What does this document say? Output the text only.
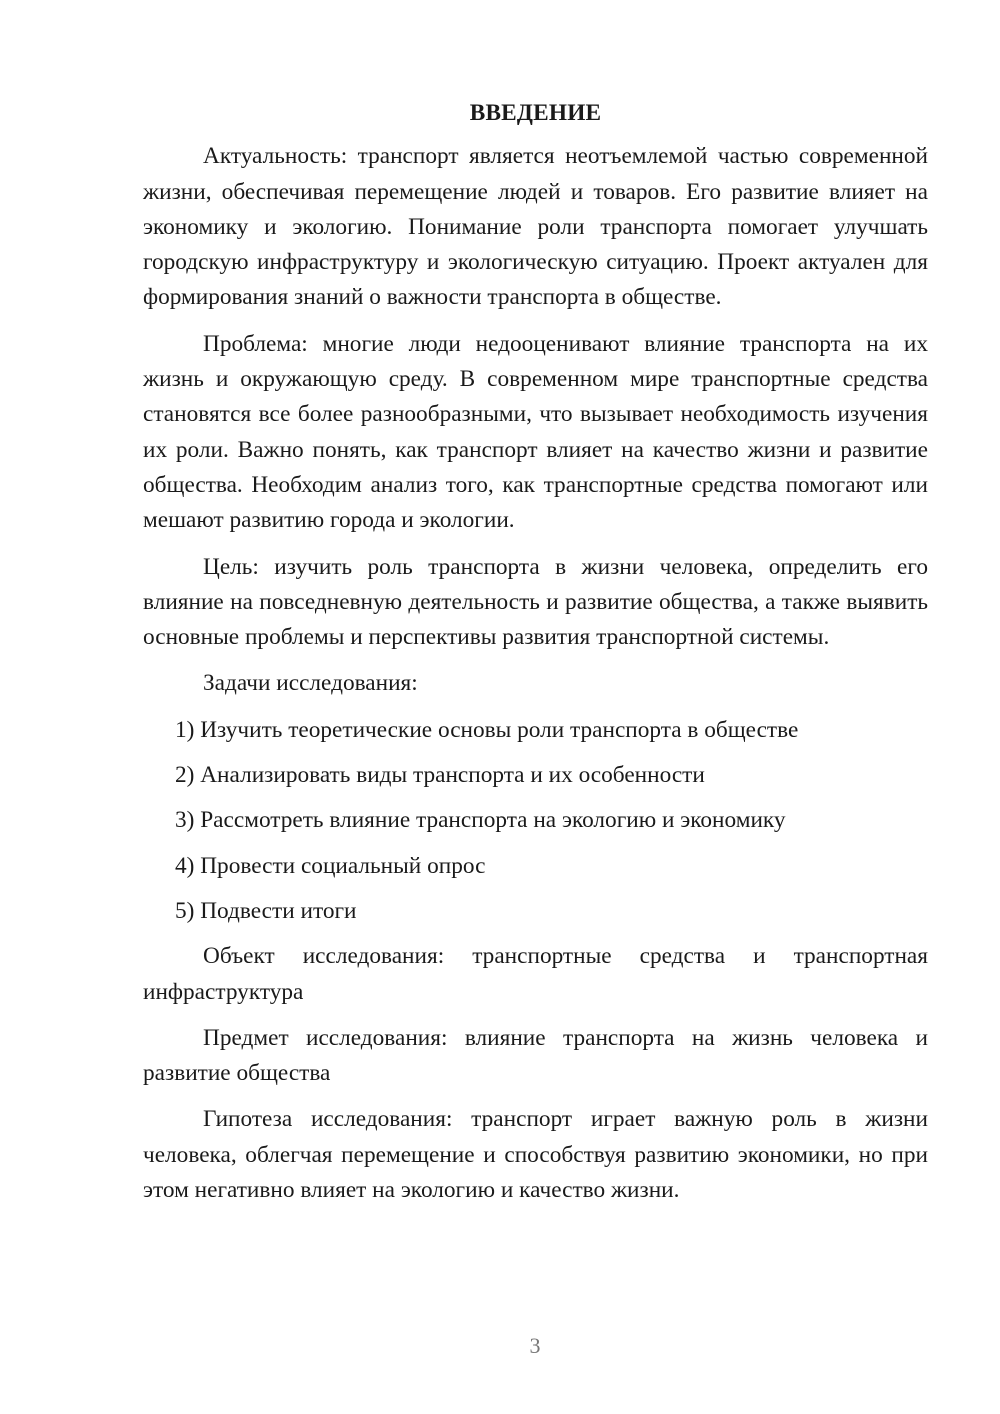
ВВЕДЕНИЕ

Актуальность: транспорт является неотъемлемой частью современной жизни, обеспечивая перемещение людей и товаров. Его развитие влияет на экономику и экологию. Понимание роли транспорта помогает улучшать городскую инфраструктуру и экологическую ситуацию. Проект актуален для формирования знаний о важности транспорта в обществе.

Проблема: многие люди недооценивают влияние транспорта на их жизнь и окружающую среду. В современном мире транспортные средства становятся все более разнообразными, что вызывает необходимость изучения их роли. Важно понять, как транспорт влияет на качество жизни и развитие общества. Необходим анализ того, как транспортные средства помогают или мешают развитию города и экологии.

Цель: изучить роль транспорта в жизни человека, определить его влияние на повседневную деятельность и развитие общества, а также выявить основные проблемы и перспективы развития транспортной системы.

Задачи исследования:

1) Изучить теоретические основы роли транспорта в обществе
2) Анализировать виды транспорта и их особенности
3) Рассмотреть влияние транспорта на экологию и экономику
4) Провести социальный опрос
5) Подвести итоги

Объект исследования: транспортные средства и транспортная инфраструктура

Предмет исследования: влияние транспорта на жизнь человека и развитие общества

Гипотеза исследования: транспорт играет важную роль в жизни человека, облегчая перемещение и способствуя развитию экономики, но при этом негативно влияет на экологию и качество жизни.

3
